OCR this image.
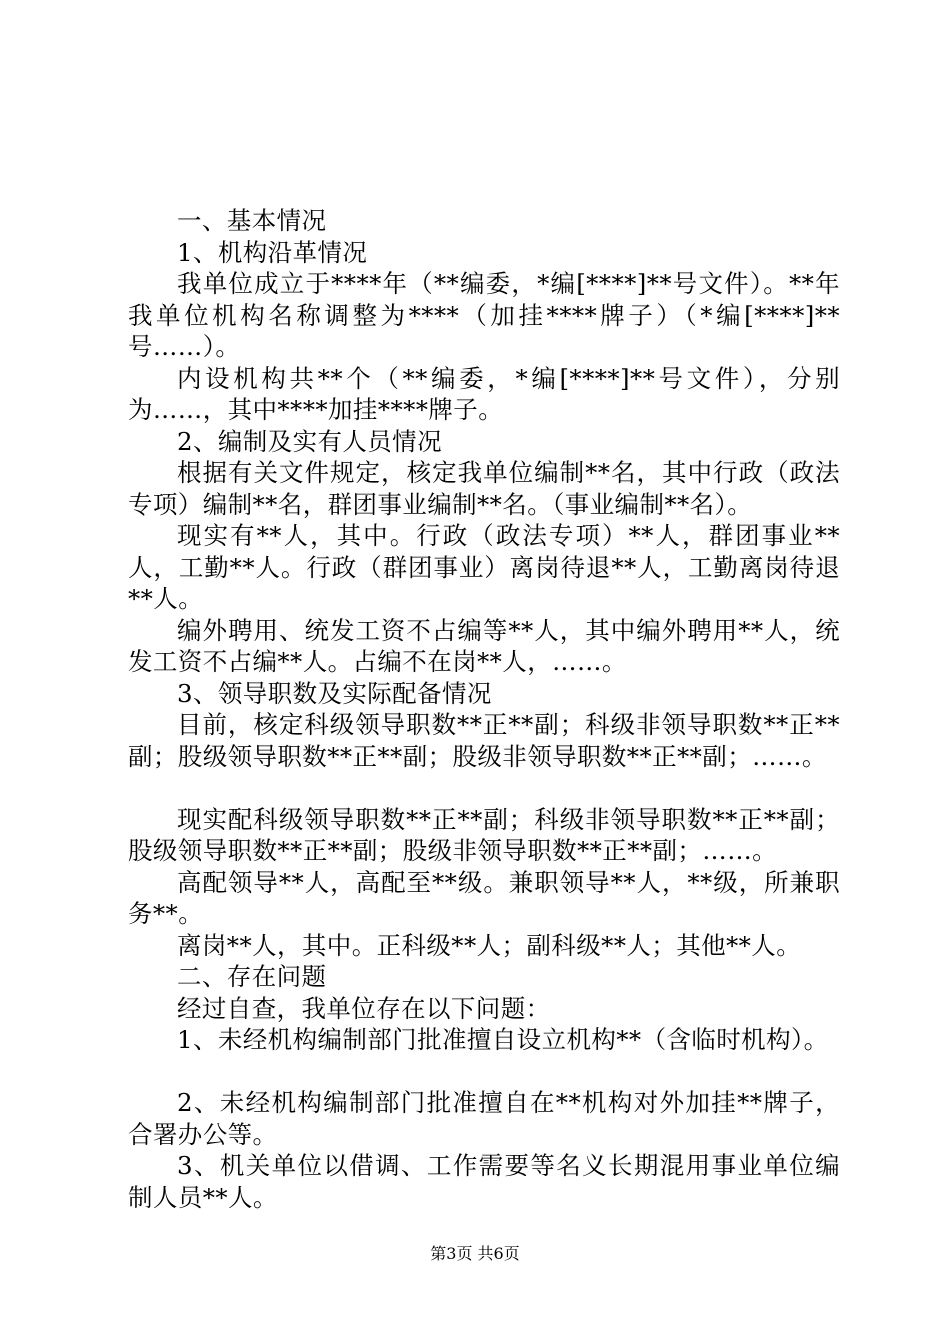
一、基本情况

1、机构沿革情况

我单位成立于****年（**编委，*编[****]**号文件）。**年我单位机构名称调整为****（加挂****牌子）（*编[****]**号……）。

内设机构共**个（**编委，*编[****]**号文件），分别为……，其中****加挂****牌子。

2、编制及实有人员情况

根据有关文件规定，核定我单位编制**名，其中行政（政法专项）编制**名，群团事业编制**名。（事业编制**名）。

现实有**人，其中。行政（政法专项）**人，群团事业**人，工勤**人。行政（群团事业）离岗待退**人，工勤离岗待退**人。

编外聘用、统发工资不占编等**人，其中编外聘用**人，统发工资不占编**人。占编不在岗**人，……。

3、领导职数及实际配备情况

目前，核定科级领导职数**正**副；科级非领导职数**正**副；股级领导职数**正**副；股级非领导职数**正**副；……。

现实配科级领导职数**正**副；科级非领导职数**正**副；股级领导职数**正**副；股级非领导职数**正**副；……。

高配领导**人，高配至**级。兼职领导**人，**级，所兼职务**。

离岗**人，其中。正科级**人；副科级**人；其他**人。

二、存在问题

经过自查，我单位存在以下问题：

1、未经机构编制部门批准擅自设立机构**（含临时机构）。

2、未经机构编制部门批准擅自在**机构对外加挂**牌子，合署办公等。

3、机关单位以借调、工作需要等名义长期混用事业单位编制人员**人。

第3页 共6页
